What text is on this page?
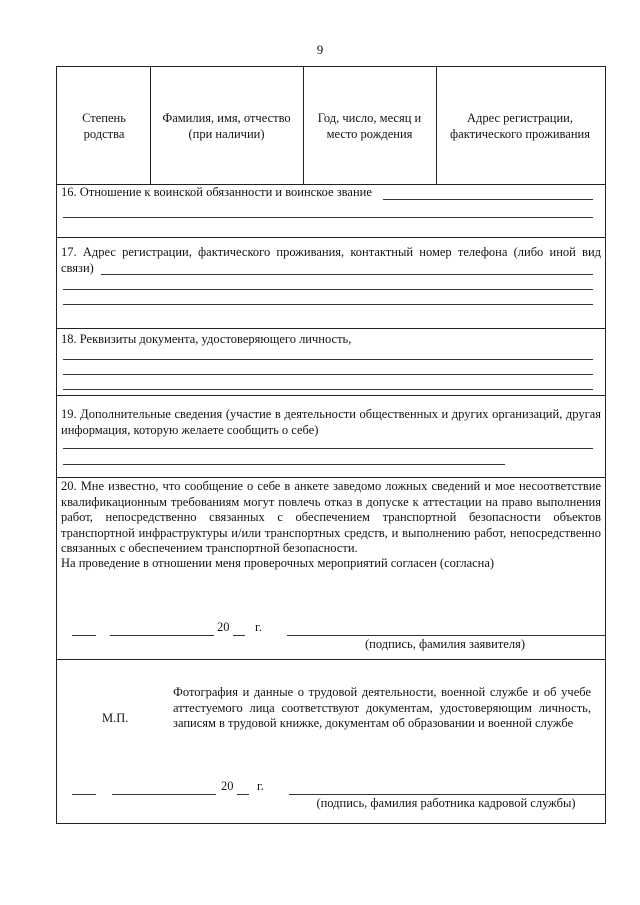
9
Степень родства
Фамилия, имя, отчество (при наличии)
Год, число, месяц и место рождения
Адрес регистрации, фактического проживания
16. Отношение к воинской обязанности и воинское звание
17. Адрес регистрации, фактического проживания, контактный номер телефона (либо иной вид связи)
18. Реквизиты документа, удостоверяющего личность,
19. Дополнительные сведения (участие в деятельности общественных и других организаций, другая информация, которую желаете сообщить о себе)
20. Мне известно, что сообщение о себе в анкете заведомо ложных сведений и мое несоответствие квалификационным требованиям могут повлечь отказ в допуске к аттестации на право выполнения работ, непосредственно связанных с обеспечением транспортной безопасности объектов транспортной инфраструктуры и/или транспортных средств, и выполнению работ, непосредственно связанных с обеспечением транспортной безопасности.
На проведение в отношении меня проверочных мероприятий согласен (согласна)
20 г.
(подпись, фамилия заявителя)
М.П.
Фотография и данные о трудовой деятельности, военной службе и об учебе аттестуемого лица соответствуют документам, удостоверяющим личность, записям в трудовой книжке, документам об образовании и военной службе
20 г.
(подпись, фамилия работника кадровой службы)
